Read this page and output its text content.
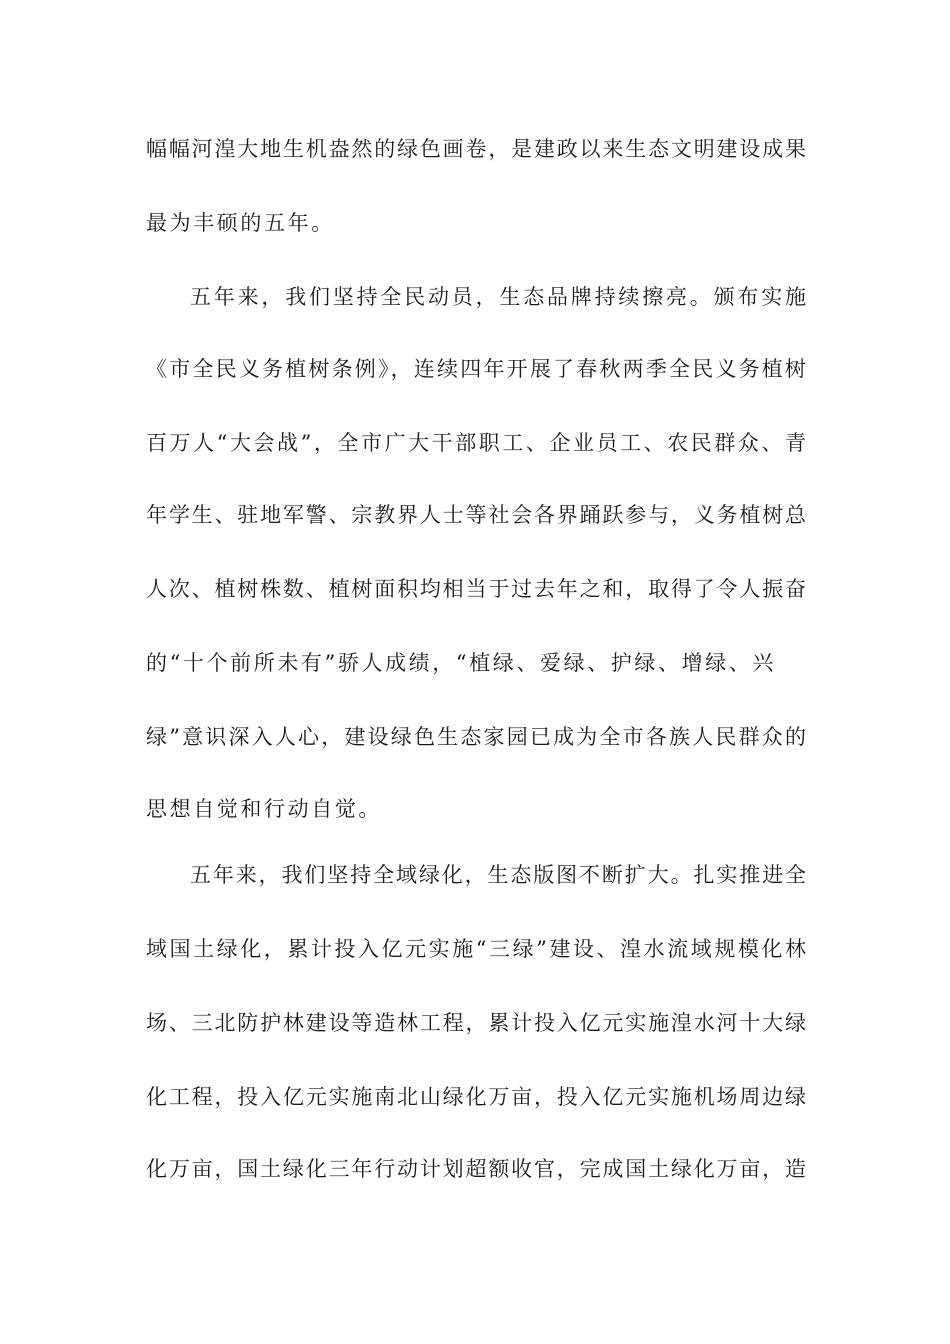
幅幅河湟大地生机盎然的绿色画卷，是建政以来生态文明建设成果
最为丰硕的五年。
五年来，我们坚持全民动员，生态品牌持续擦亮。颁布实施
《市全民义务植树条例》，连续四年开展了春秋两季全民义务植树
百万人“大会战”，全市广大干部职工、企业员工、农民群众、青
年学生、驻地军警、宗教界人士等社会各界踊跃参与，义务植树总
人次、植树株数、植树面积均相当于过去年之和，取得了令人振奋
的“十个前所未有”骄人成绩，“植绿、爱绿、护绿、增绿、兴
绿”意识深入人心，建设绿色生态家园已成为全市各族人民群众的
思想自觉和行动自觉。
五年来，我们坚持全域绿化，生态版图不断扩大。扎实推进全
域国土绿化，累计投入亿元实施“三绿”建设、湟水流域规模化林
场、三北防护林建设等造林工程，累计投入亿元实施湟水河十大绿
化工程，投入亿元实施南北山绿化万亩，投入亿元实施机场周边绿
化万亩，国土绿化三年行动计划超额收官，完成国土绿化万亩，造
